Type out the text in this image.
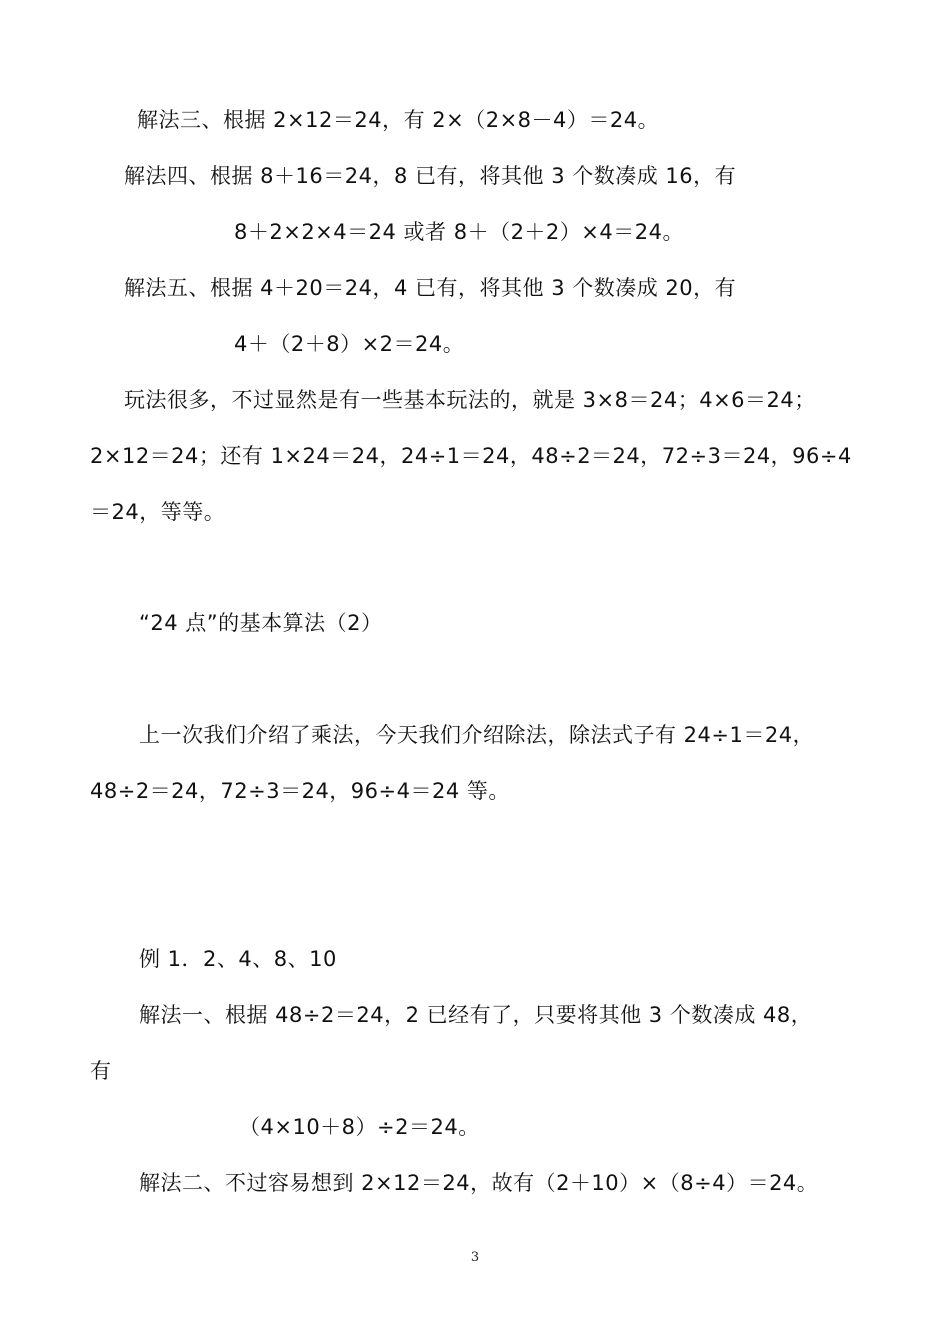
解法三、根据 2×12＝24，有 2×（2×8－4）＝24。

解法四、根据 8＋16＝24，8 已有，将其他 3 个数凑成 16，有

8＋2×2×4＝24 或者 8＋（2＋2）×4＝24。

解法五、根据 4＋20＝24，4 已有，将其他 3 个数凑成 20，有

4＋（2＋8）×2＝24。

玩法很多，不过显然是有一些基本玩法的，就是 3×8＝24；4×6＝24；

2×12＝24；还有 1×24＝24，24÷1＝24，48÷2＝24，72÷3＝24，96÷4

＝24，等等。

“24 点”的基本算法（2）

上一次我们介绍了乘法，今天我们介绍除法，除法式子有 24÷1＝24，

48÷2＝24，72÷3＝24，96÷4＝24 等。

例 1．2、4、8、10

解法一、根据 48÷2＝24，2 已经有了，只要将其他 3 个数凑成 48，

有

（4×10＋8）÷2＝24。

解法二、不过容易想到 2×12＝24，故有（2＋10）×（8÷4）＝24。

3
